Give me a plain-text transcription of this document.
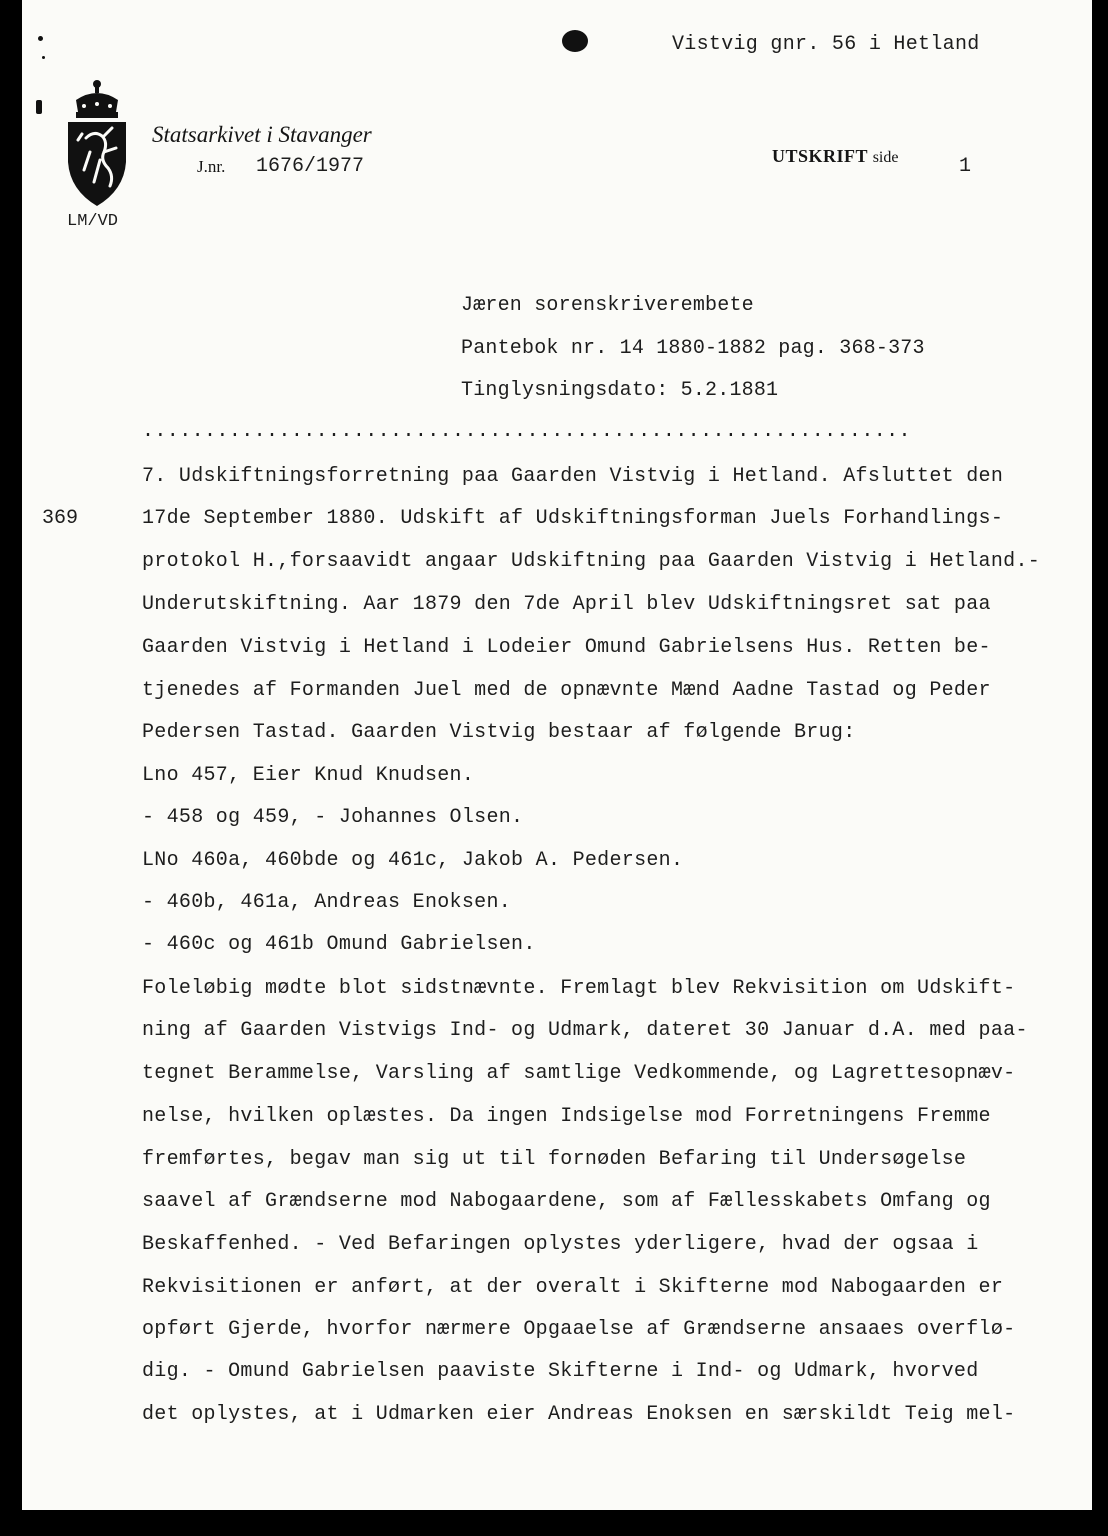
Vistvig gnr. 56 i Hetland
Statsarkivet i Stavanger
J.nr. 1676/1977	UTSKRIFT side	1
LM/VD
Jæren sorenskriverembete
Pantebok nr. 14 1880-1882 pag. 368-373
Tinglysningsdato: 5.2.1881
..............................................................
369
7. Udskiftningsforretning paa Gaarden Vistvig i Hetland. Afsluttet den
17de September 1880. Udskift af Udskiftningsforman Juels Forhandlings-
protokol H.,forsaavidt angaar Udskiftning paa Gaarden Vistvig i Hetland.-
Underutskiftning. Aar 1879 den 7de April blev Udskiftningsret sat paa
Gaarden Vistvig i Hetland i Lodeier Omund Gabrielsens Hus. Retten be-
tjenedes af Formanden Juel med de opnævnte Mænd Aadne Tastad og Peder
Pedersen Tastad. Gaarden Vistvig bestaar af følgende Brug:
Lno 457, Eier Knud Knudsen.
- 458 og 459, - Johannes Olsen.
LNo 460a, 460bde og 461c, Jakob A. Pedersen.
- 460b, 461a, Andreas Enoksen.
- 460c og 461b Omund Gabrielsen.
Foleløbig mødte blot sidstnævnte. Fremlagt blev Rekvisition om Udskift-
ning af Gaarden Vistvigs Ind- og Udmark, dateret 30 Januar d.A. med paa-
tegnet Berammelse, Varsling af samtlige Vedkommende, og Lagrettesopnæv-
nelse, hvilken oplæstes. Da ingen Indsigelse mod Forretningens Fremme
fremførtes, begav man sig ut til fornøden Befaring til Undersøgelse
saavel af Grændserne mod Nabogaardene, som af Fællesskabets Omfang og
Beskaffenhed. - Ved Befaringen oplystes yderligere, hvad der ogsaa i
Rekvisitionen er anført, at der overalt i Skifterne mod Nabogaarden er
opført Gjerde, hvorfor nærmere Opgaaelse af Grændserne ansaaes overflø-
dig. - Omund Gabrielsen paaviste Skifterne i Ind- og Udmark, hvorved
det oplystes, at i Udmarken eier Andreas Enoksen en særskildt Teig mel-
